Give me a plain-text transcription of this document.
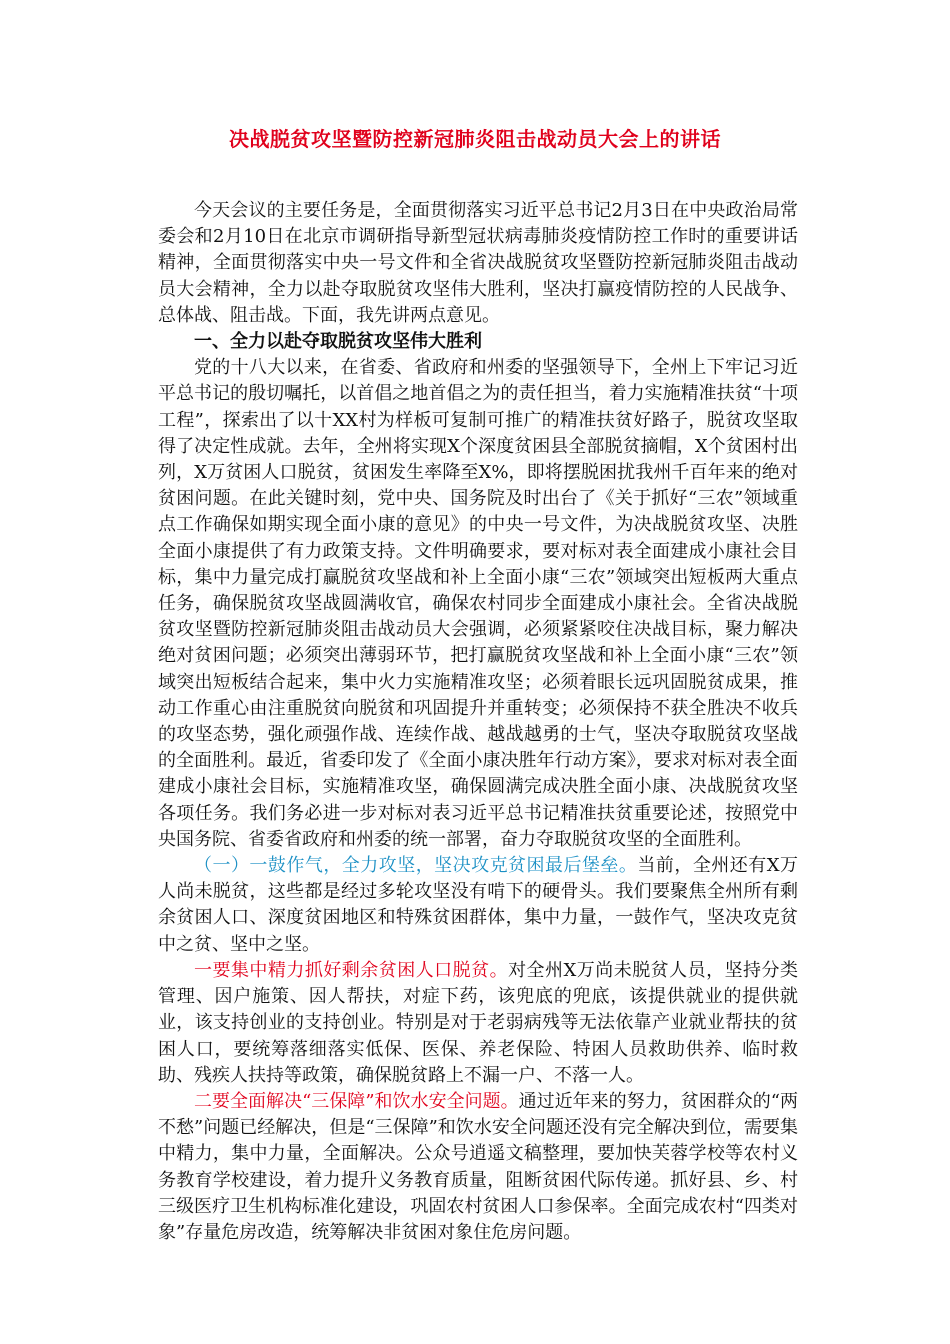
决战脱贫攻坚暨防控新冠肺炎阻击战动员大会上的讲话

今天会议的主要任务是，全面贯彻落实习近平总书记2月3日在中央政治局常委会和2月10日在北京市调研指导新型冠状病毒肺炎疫情防控工作时的重要讲话精神，全面贯彻落实中央一号文件和全省决战脱贫攻坚暨防控新冠肺炎阻击战动员大会精神，全力以赴夺取脱贫攻坚伟大胜利，坚决打赢疫情防控的人民战争、总体战、阻击战。下面，我先讲两点意见。

一、全力以赴夺取脱贫攻坚伟大胜利

党的十八大以来，在省委、省政府和州委的坚强领导下，全州上下牢记习近平总书记的殷切嘱托，以首倡之地首倡之为的责任担当，着力实施精准扶贫“十项工程”，探索出了以十XX村为样板可复制可推广的精准扶贫好路子，脱贫攻坚取得了决定性成就。去年，全州将实现X个深度贫困县全部脱贫摘帽，X个贫困村出列，X万贫困人口脱贫，贫困发生率降至X%，即将摆脱困扰我州千百年来的绝对贫困问题。在此关键时刻，党中央、国务院及时出台了《关于抓好“三农”领域重点工作确保如期实现全面小康的意见》的中央一号文件，为决战脱贫攻坚、决胜全面小康提供了有力政策支持。文件明确要求，要对标对表全面建成小康社会目标，集中力量完成打赢脱贫攻坚战和补上全面小康“三农”领域突出短板两大重点任务，确保脱贫攻坚战圆满收官，确保农村同步全面建成小康社会。全省决战脱贫攻坚暨防控新冠肺炎阻击战动员大会强调，必须紧紧咬住决战目标，聚力解决绝对贫困问题；必须突出薄弱环节，把打赢脱贫攻坚战和补上全面小康“三农”领域突出短板结合起来，集中火力实施精准攻坚；必须着眼长远巩固脱贫成果，推动工作重心由注重脱贫向脱贫和巩固提升并重转变；必须保持不获全胜决不收兵的攻坚态势，强化顽强作战、连续作战、越战越勇的士气，坚决夺取脱贫攻坚战的全面胜利。最近，省委印发了《全面小康决胜年行动方案》，要求对标对表全面建成小康社会目标，实施精准攻坚，确保圆满完成决胜全面小康、决战脱贫攻坚各项任务。我们务必进一步对标对表习近平总书记精准扶贫重要论述，按照党中央国务院、省委省政府和州委的统一部署，奋力夺取脱贫攻坚的全面胜利。

（一）一鼓作气，全力攻坚，坚决攻克贫困最后堡垒。当前，全州还有X万人尚未脱贫，这些都是经过多轮攻坚没有啃下的硬骨头。我们要聚焦全州所有剩余贫困人口、深度贫困地区和特殊贫困群体，集中力量，一鼓作气，坚决攻克贫中之贫、坚中之坚。

一要集中精力抓好剩余贫困人口脱贫。对全州X万尚未脱贫人员，坚持分类管理、因户施策、因人帮扶，对症下药，该兜底的兜底，该提供就业的提供就业，该支持创业的支持创业。特别是对于老弱病残等无法依靠产业就业帮扶的贫困人口，要统筹落细落实低保、医保、养老保险、特困人员救助供养、临时救助、残疾人扶持等政策，确保脱贫路上不漏一户、不落一人。

二要全面解决“三保障”和饮水安全问题。通过近年来的努力，贫困群众的“两不愁”问题已经解决，但是“三保障”和饮水安全问题还没有完全解决到位，需要集中精力，集中力量，全面解决。公众号逍遥文稿整理，要加快芙蓉学校等农村义务教育学校建设，着力提升义务教育质量，阻断贫困代际传递。抓好县、乡、村三级医疗卫生机构标准化建设，巩固农村贫困人口参保率。全面完成农村“四类对象”存量危房改造，统筹解决非贫困对象住危房问题。
